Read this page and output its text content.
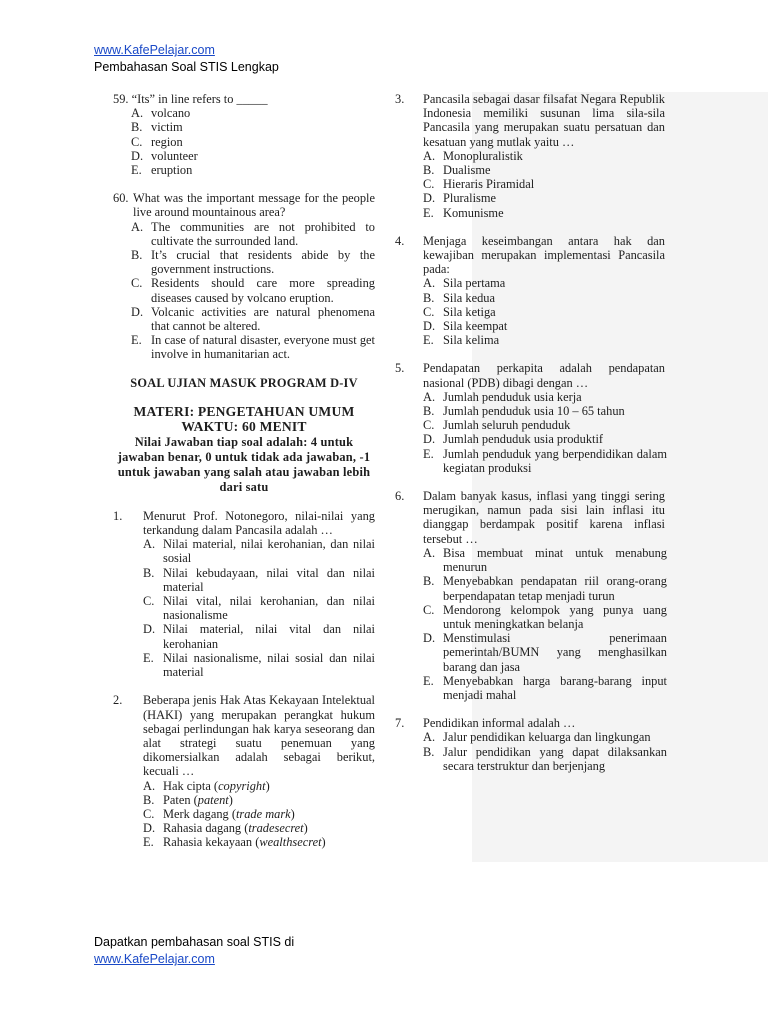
www.KafePelajar.com
Pembahasan Soal STIS Lengkap
59. “Its” in line refers to _____
A. volcano
B. victim
C. region
D. volunteer
E. eruption
60. What was the important message for the people live around mountainous area?
A. The communities are not prohibited to cultivate the surrounded land.
B. It’s crucial that residents abide by the government instructions.
C. Residents should care more spreading diseases caused by volcano eruption.
D. Volcanic activities are natural phenomena that cannot be altered.
E. In case of natural disaster, everyone must get involve in humanitarian act.
SOAL UJIAN MASUK PROGRAM D-IV
MATERI: PENGETAHUAN UMUM
WAKTU: 60 MENIT
Nilai Jawaban tiap soal adalah: 4 untuk jawaban benar, 0 untuk tidak ada jawaban, -1 untuk jawaban yang salah atau jawaban lebih dari satu
1.	Menurut Prof. Notonegoro, nilai-nilai yang terkandung dalam Pancasila adalah …
A. Nilai material, nilai kerohanian, dan nilai sosial
B. Nilai kebudayaan, nilai vital dan nilai material
C. Nilai vital, nilai kerohanian, dan nilai nasionalisme
D. Nilai material, nilai vital dan nilai kerohanian
E. Nilai nasionalisme, nilai sosial dan nilai material
2.	Beberapa jenis Hak Atas Kekayaan Intelektual (HAKI) yang merupakan perangkat hukum sebagai perlindungan hak karya seseorang dan alat strategi suatu penemuan yang dikomersialkan adalah sebagai berikut, kecuali …
A. Hak cipta (copyright)
B. Paten (patent)
C. Merk dagang (trade mark)
D. Rahasia dagang (tradesecret)
E. Rahasia kekayaan (wealthsecret)
3.	Pancasila sebagai dasar filsafat Negara Republik Indonesia memiliki susunan lima sila-sila Pancasila yang merupakan suatu persatuan dan kesatuan yang mutlak yaitu …
A. Monopluralistik
B. Dualisme
C. Hieraris Piramidal
D. Pluralisme
E. Komunisme
4.	Menjaga keseimbangan antara hak dan kewajiban merupakan implementasi Pancasila pada:
A. Sila pertama
B. Sila kedua
C. Sila ketiga
D. Sila keempat
E. Sila kelima
5.	Pendapatan perkapita adalah pendapatan nasional (PDB) dibagi dengan …
A. Jumlah penduduk usia kerja
B. Jumlah penduduk usia 10 – 65 tahun
C. Jumlah seluruh penduduk
D. Jumlah penduduk usia produktif
E. Jumlah penduduk yang berpendidikan dalam kegiatan produksi
6.	Dalam banyak kasus, inflasi yang tinggi sering merugikan, namun pada sisi lain inflasi itu dianggap berdampak positif karena inflasi tersebut …
A. Bisa membuat minat untuk menabung menurun
B. Menyebabkan pendapatan riil orang-orang berpendapatan tetap menjadi turun
C. Mendorong kelompok yang punya uang untuk meningkatkan belanja
D. Menstimulasi penerimaan pemerintah/BUMN yang menghasilkan barang dan jasa
E. Menyebabkan harga barang-barang input menjadi mahal
7.	Pendidikan informal adalah …
A. Jalur pendidikan keluarga dan lingkungan
B. Jalur pendidikan yang dapat dilaksankan secara terstruktur dan berjenjang
Dapatkan pembahasan soal STIS di
www.KafePelajar.com
